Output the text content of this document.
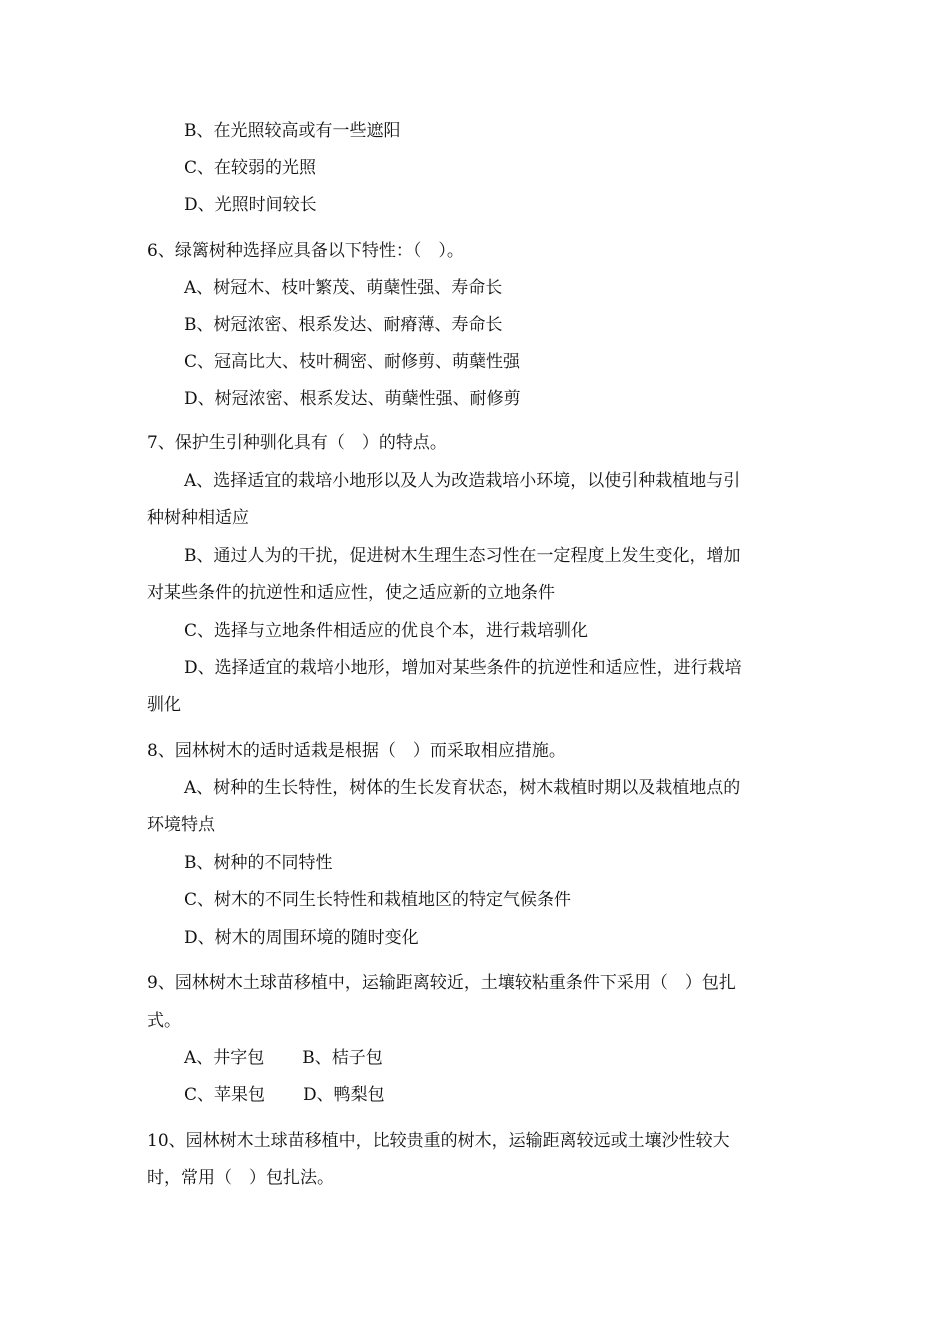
B、在光照较高或有一些遮阳
C、在较弱的光照
D、光照时间较长
6、绿篱树种选择应具备以下特性：（　）。
A、树冠木、枝叶繁茂、萌蘖性强、寿命长
B、树冠浓密、根系发达、耐瘠薄、寿命长
C、冠高比大、枝叶稠密、耐修剪、萌蘖性强
D、树冠浓密、根系发达、萌蘖性强、耐修剪
7、保护生引种驯化具有（　）的特点。
A、选择适宜的栽培小地形以及人为改造栽培小环境，以使引种栽植地与引
种树种相适应
B、通过人为的干扰，促进树木生理生态习性在一定程度上发生变化，增加
对某些条件的抗逆性和适应性，使之适应新的立地条件
C、选择与立地条件相适应的优良个本，进行栽培驯化
D、选择适宜的栽培小地形，增加对某些条件的抗逆性和适应性，进行栽培
驯化
8、园林树木的适时适栽是根据（　）而采取相应措施。
A、树种的生长特性，树体的生长发育状态，树木栽植时期以及栽植地点的
环境特点
B、树种的不同特性
C、树木的不同生长特性和栽植地区的特定气候条件
D、树木的周围环境的随时变化
9、园林树木土球苗移植中，运输距离较近，土壤较粘重条件下采用（　）包扎
式。
A、井字包 B、桔子包
C、苹果包 D、鸭梨包
10、园林树木土球苗移植中，比较贵重的树木，运输距离较远或土壤沙性较大
时，常用（　）包扎法。
